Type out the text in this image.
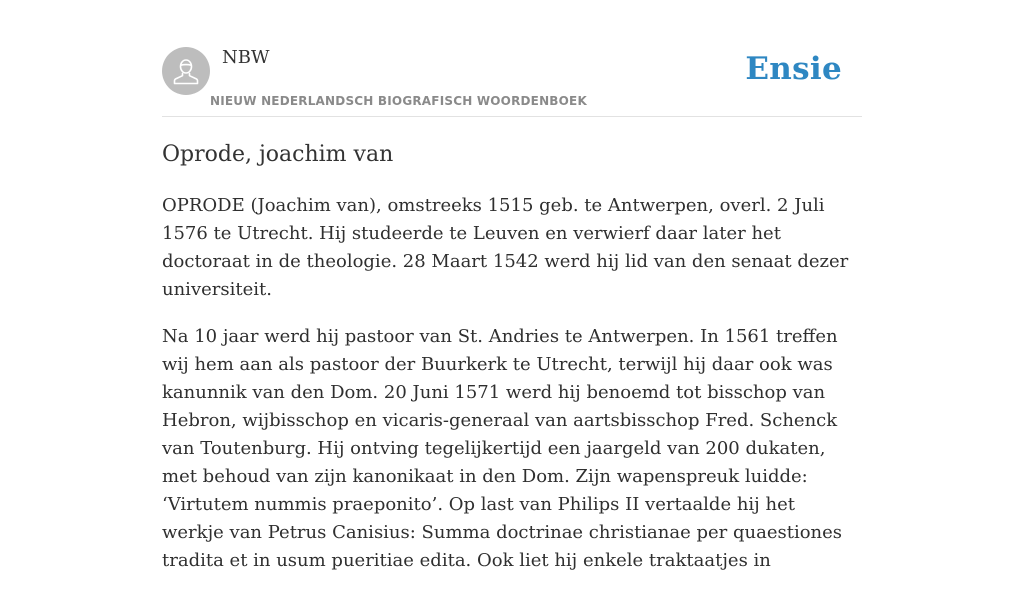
NBW
NIEUW NEDERLANDSCH BIOGRAFISCH WOORDENBOEK
Ensie
Oprode, joachim van

OPRODE (Joachim van), omstreeks 1515 geb. te Antwerpen, overl. 2 Juli 1576 te Utrecht. Hij studeerde te Leuven en verwierf daar later het doctoraat in de theologie. 28 Maart 1542 werd hij lid van den senaat dezer universiteit.

Na 10 jaar werd hij pastoor van St. Andries te Antwerpen. In 1561 treffen wij hem aan als pastoor der Buurkerk te Utrecht, terwijl hij daar ook was kanunnik van den Dom. 20 Juni 1571 werd hij benoemd tot bisschop van Hebron, wijbisschop en vicaris-generaal van aartsbisschop Fred. Schenck van Toutenburg. Hij ontving tegelijkertijd een jaargeld van 200 dukaten, met behoud van zijn kanonikaat in den Dom. Zijn wapenspreuk luidde: ‘Virtutem nummis praeponito’. Op last van Philips II vertaalde hij het werkje van Petrus Canisius: Summa doctrinae christianae per quaestiones tradita et in usum pueritiae edita. Ook liet hij enkele traktaatjes in
